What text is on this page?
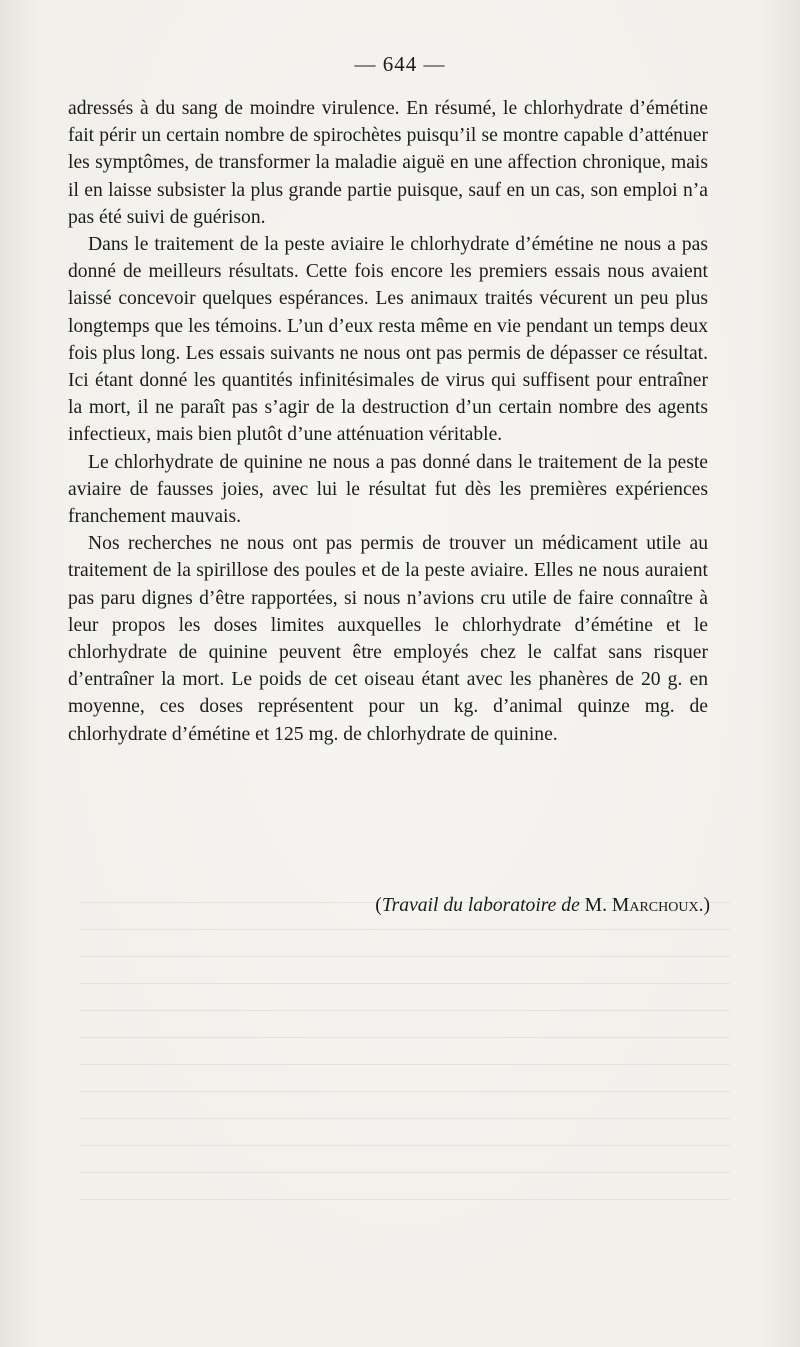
— 644 —

adressés à du sang de moindre virulence. En résumé, le chlorhydrate d’émétine fait périr un certain nombre de spirochètes puisqu’il se montre capable d’atténuer les symptômes, de transformer la maladie aiguë en une affection chronique, mais il en laisse subsister la plus grande partie puisque, sauf en un cas, son emploi n’a pas été suivi de guérison.

Dans le traitement de la peste aviaire le chlorhydrate d’émétine ne nous a pas donné de meilleurs résultats. Cette fois encore les premiers essais nous avaient laissé concevoir quelques espérances. Les animaux traités vécurent un peu plus longtemps que les témoins. L’un d’eux resta même en vie pendant un temps deux fois plus long. Les essais suivants ne nous ont pas permis de dépasser ce résultat. Ici étant donné les quantités infinitésimales de virus qui suffisent pour entraîner la mort, il ne paraît pas s’agir de la destruction d’un certain nombre des agents infectieux, mais bien plutôt d’une atténuation véritable.

Le chlorhydrate de quinine ne nous a pas donné dans le traitement de la peste aviaire de fausses joies, avec lui le résultat fut dès les premières expériences franchement mauvais.

Nos recherches ne nous ont pas permis de trouver un médicament utile au traitement de la spirillose des poules et de la peste aviaire. Elles ne nous auraient pas paru dignes d’être rapportées, si nous n’avions cru utile de faire connaître à leur propos les doses limites auxquelles le chlorhydrate d’émétine et le chlorhydrate de quinine peuvent être employés chez le calfat sans risquer d’entraîner la mort. Le poids de cet oiseau étant avec les phanères de 20 g. en moyenne, ces doses représentent pour un kg. d’animal quinze mg. de chlorhydrate d’émétine et 125 mg. de chlorhydrate de quinine.

(Travail du laboratoire de M. Marchoux.)
